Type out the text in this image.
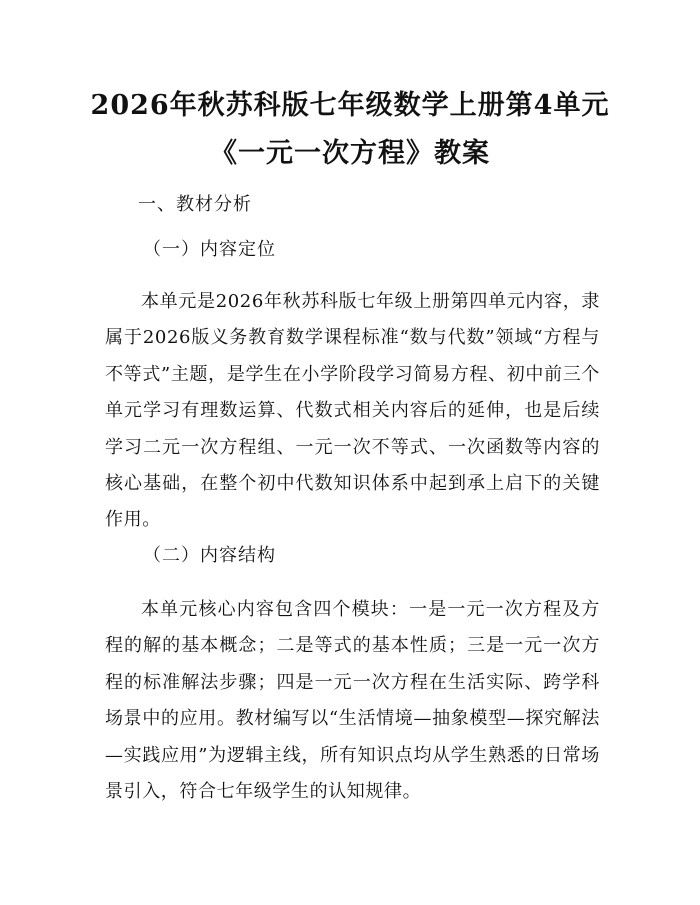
2026年秋苏科版七年级数学上册第4单元
《一元一次方程》教案
一、教材分析
（一）内容定位

本单元是2026年秋苏科版七年级上册第四单元内容，隶属于2026版义务教育数学课程标准“数与代数”领域“方程与不等式”主题，是学生在小学阶段学习简易方程、初中前三个单元学习有理数运算、代数式相关内容后的延伸，也是后续学习二元一次方程组、一元一次不等式、一次函数等内容的核心基础，在整个初中代数知识体系中起到承上启下的关键作用。

（二）内容结构

本单元核心内容包含四个模块：一是一元一次方程及方程的解的基本概念；二是等式的基本性质；三是一元一次方程的标准解法步骤；四是一元一次方程在生活实际、跨学科场景中的应用。教材编写以“生活情境—抽象模型—探究解法—实践应用”为逻辑主线，所有知识点均从学生熟悉的日常场景引入，符合七年级学生的认知规律。
